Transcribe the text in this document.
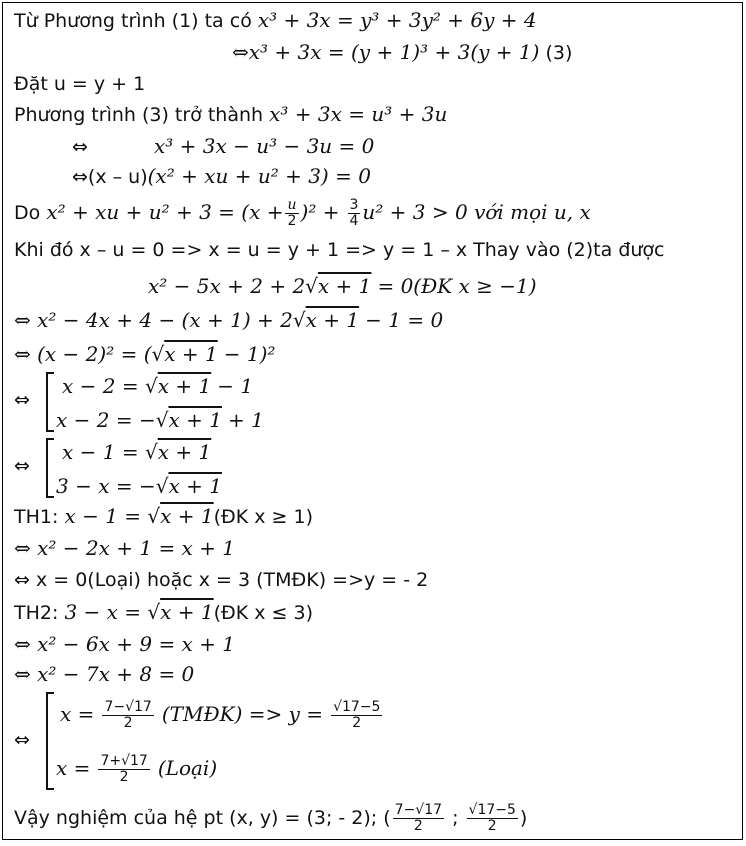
Từ Phương trình (1) ta có x³ + 3x = y³ + 3y² + 6y + 4
⇔x³ + 3x = (y + 1)³ + 3(y + 1) (3)
Đặt u = y + 1
Phương trình (3) trở thành x³ + 3x = u³ + 3u
⇔	x³ + 3x − u³ − 3u = 0
⇔(x – u)(x² + xu + u² + 3) = 0
Do x² + xu + $u^2 + 3 = (x + \frac{u}{2} )^2 + \frac{3}{4} u^2 + 3 > 0$ với mọi u, x
Khi đó x – u = 0 => x = u = y + 1 => y = 1 – x Thay vào (2)ta được
x² − 5x + 2 + 2√x + 1 = 0(ĐK x ≥ −1)
⇔ x² − 4x + 4 − (x + 1) + 2√x + 1 − 1 = 0
⇔ (x − 2)² = (√x + 1 − 1)²
⇔
x − 2 = √x + 1 − 1
x − 2 = −√x + 1 + 1
⇔
x − 1 = √x + 1
3 − x = −√x + 1
TH1: x − 1 = √x + 1(ĐK x ≥ 1)
⇔ x² − 2x + 1 = x + 1
⇔ x = 0(Loại) hoặc x = 3 (TMĐK) =>y = - 2
TH2: 3 − x = √x + 1(ĐK x ≤ 3)
⇔ x² − 6x + 9 = x + 1
⇔ x² − 7x + 8 = 0
⇔
$x = \frac{7-√17}{2}$ (TMĐK) => $y = \frac{√17-5}{2}$
$x = \frac{7+√17}{2}$ (Loại)
Vậy nghiệm của hệ pt (x, y) = (3; - 2); ( $\frac{7-√17}{2}$ ; $\frac{√17-5}{2}$ )
